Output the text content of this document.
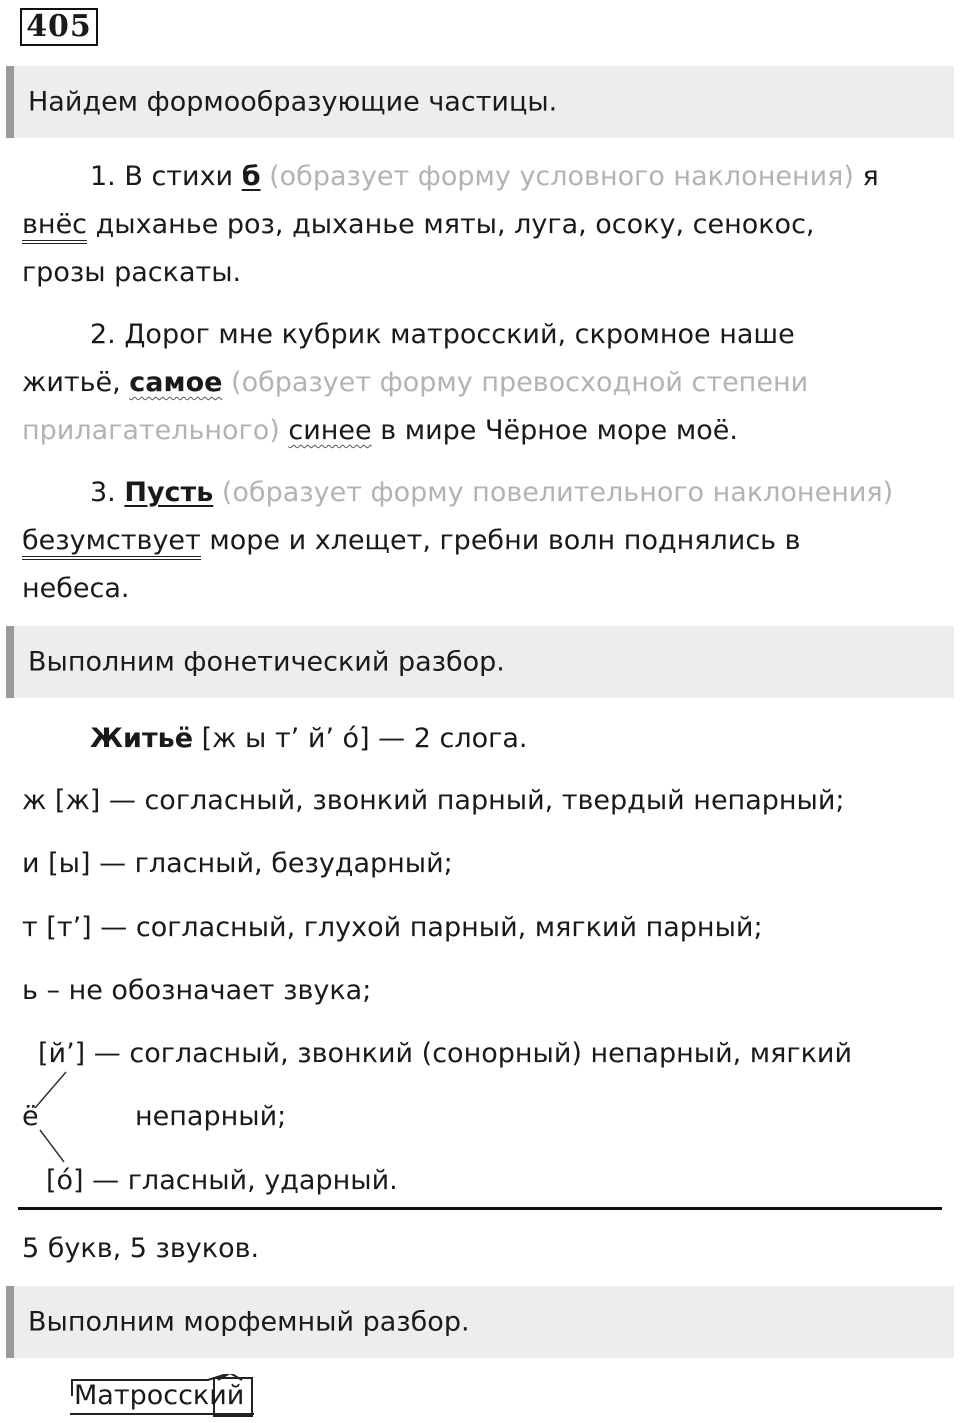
405
Найдем формообразующие частицы.
1. В стихи б (образует форму условного наклонения) я
внёс дыханье роз, дыханье мяты, луга, осоку, сенокос,
грозы раскаты.
2. Дорог мне кубрик матросский, скромное наше
житьё, самое (образует форму превосходной степени
прилагательного) синее в мире Чёрное море моё.
3. Пусть (образует форму повелительного наклонения)
безумствует море и хлещет, гребни волн поднялись в
небеса.
Выполним фонетический разбор.
Житьё [ж ы т’ й’ о́] — 2 слога.
ж [ж] — согласный, звонкий парный, твердый непарный;
и [ы] — гласный, безударный;
т [т’] — согласный, глухой парный, мягкий парный;
ь – не обозначает звука;
[й’] — согласный, звонкий (сонорный) непарный, мягкий
ё	непарный;
[о́] — гласный, ударный.
5 букв, 5 звуков.
Выполним морфемный разбор.
Матросский
